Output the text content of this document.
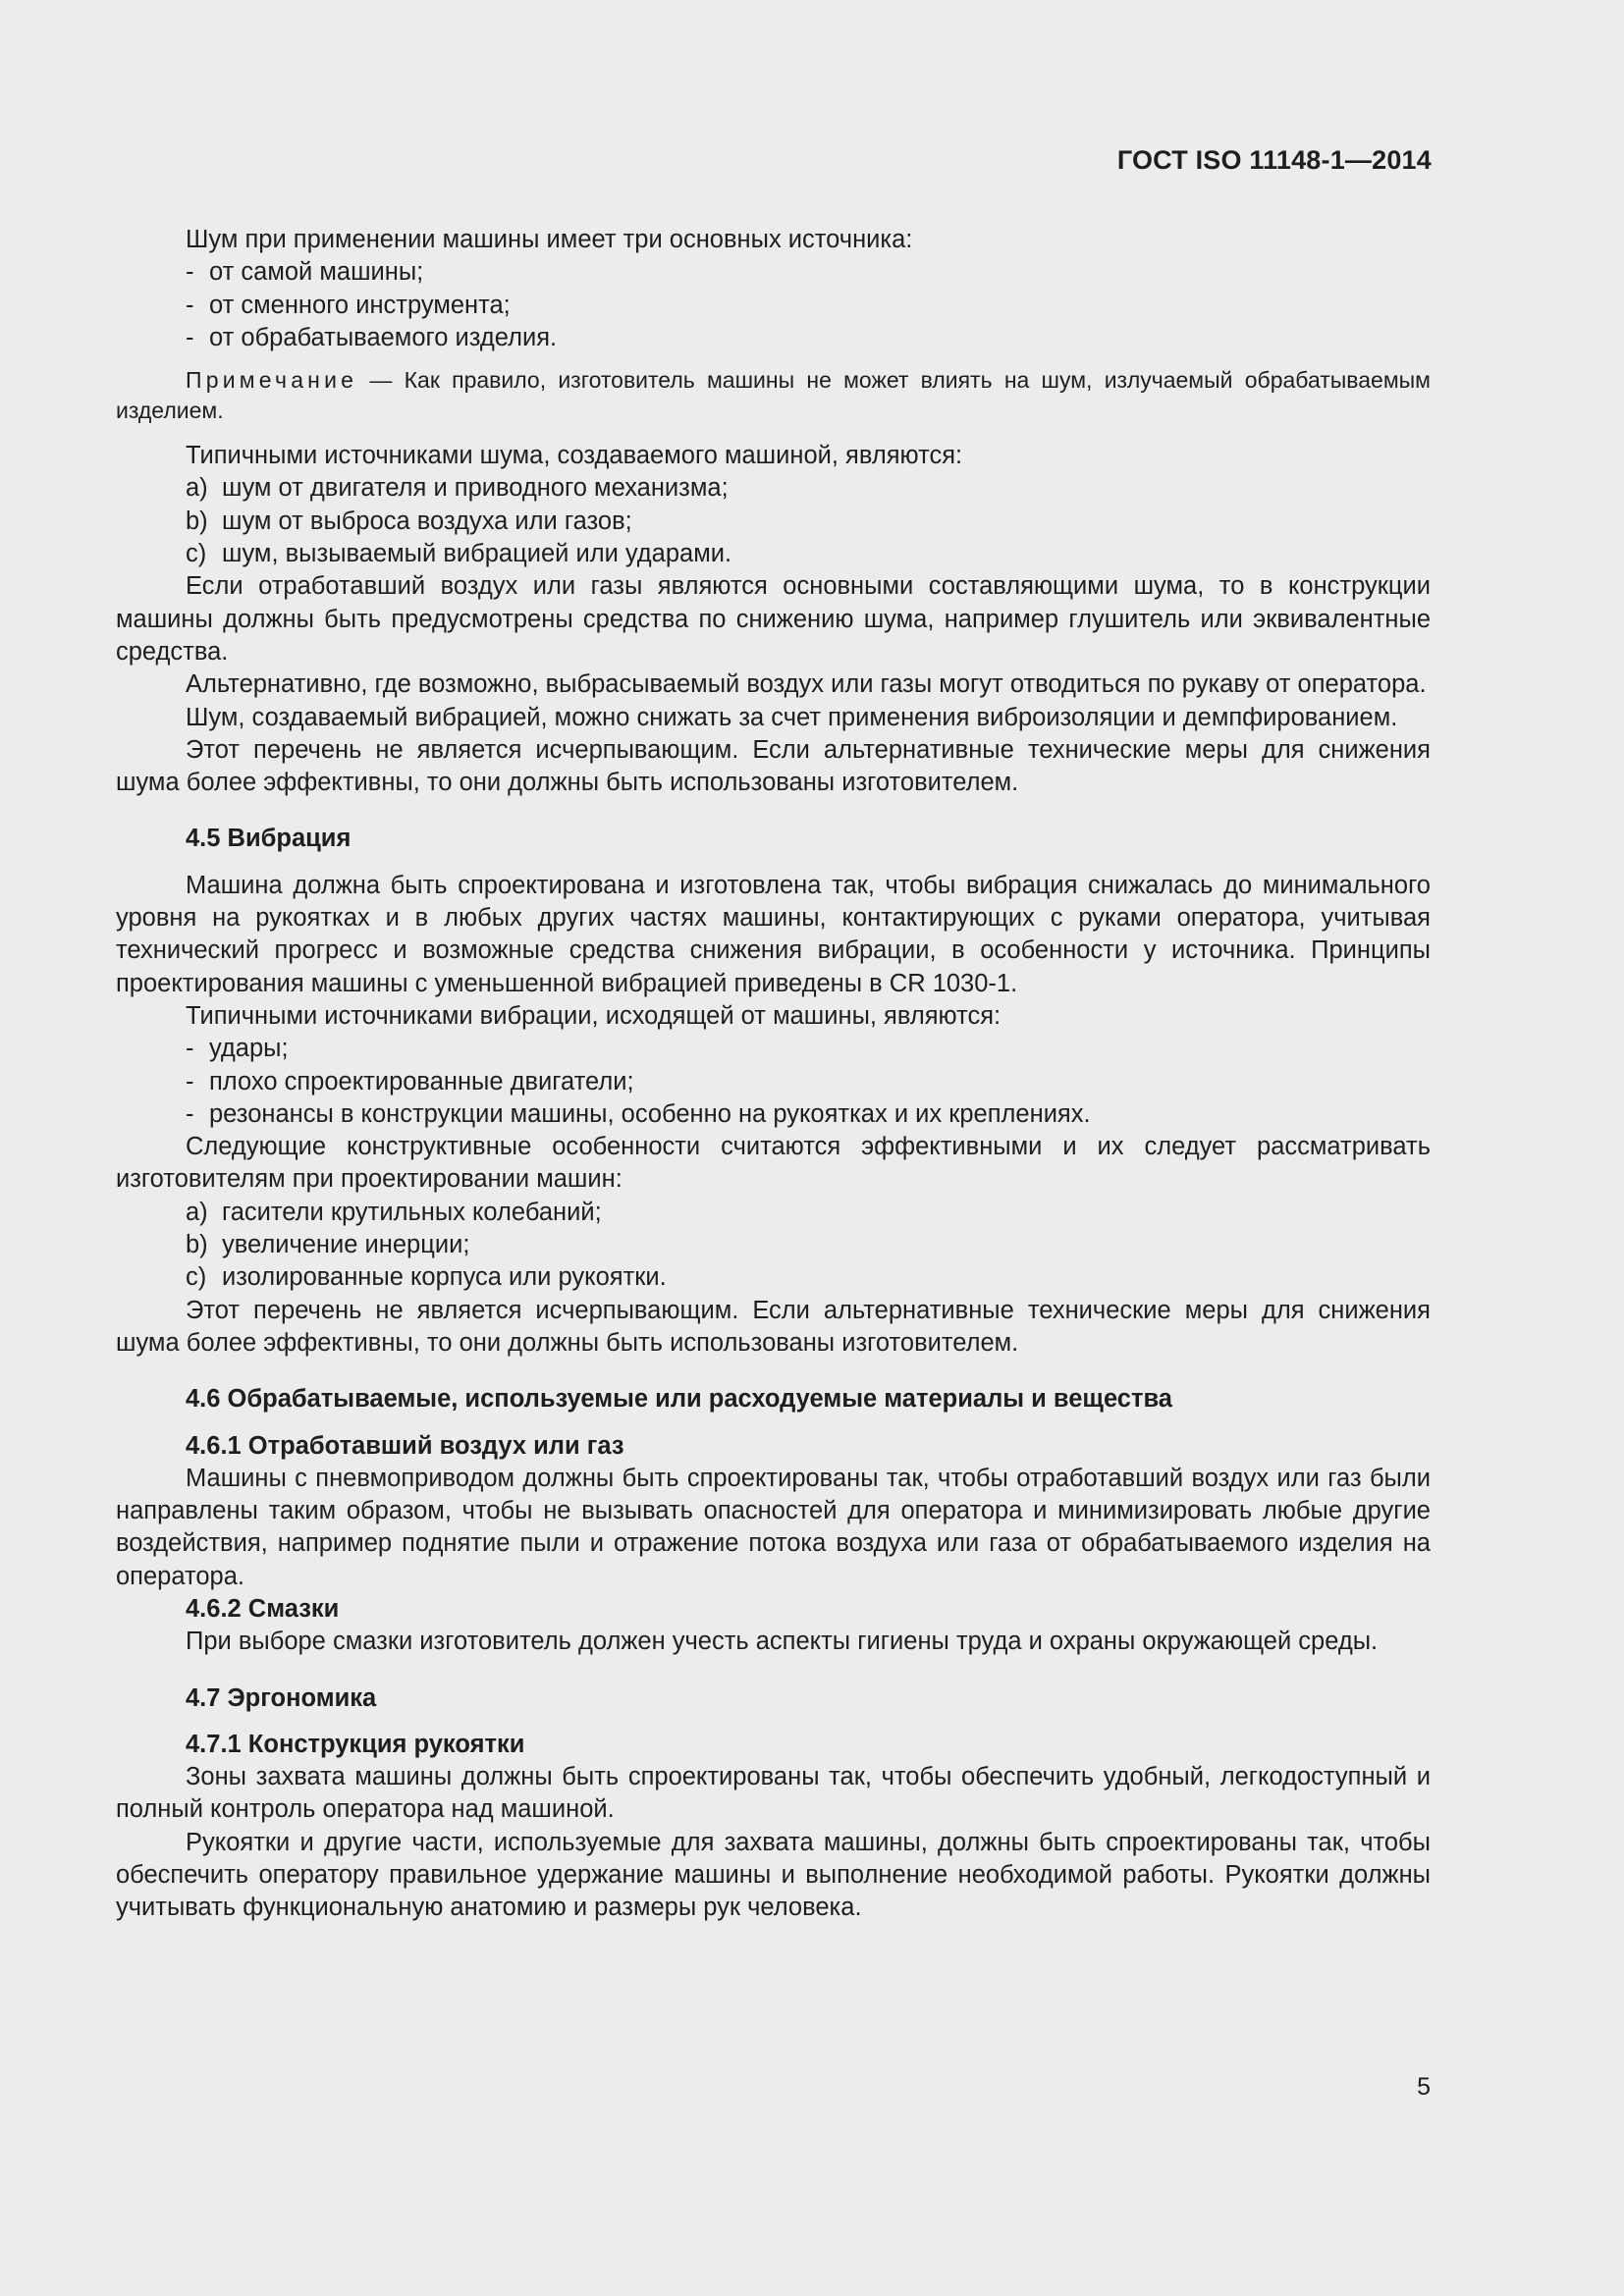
ГОСТ ISO 11148-1—2014

Шум при применении машины имеет три основных источника:

- от самой машины;

- от сменного инструмента;

- от обрабатываемого изделия.

Примечание — Как правило, изготовитель машины не может влиять на шум, излучаемый обрабатываемым изделием.

Типичными источниками шума, создаваемого машиной, являются:

a) шум от двигателя и приводного механизма;

b) шум от выброса воздуха или газов;

c) шум, вызываемый вибрацией или ударами.

Если отработавший воздух или газы являются основными составляющими шума, то в конструкции машины должны быть предусмотрены средства по снижению шума, например глушитель или эквивалентные средства.

Альтернативно, где возможно, выбрасываемый воздух или газы могут отводиться по рукаву от оператора.

Шум, создаваемый вибрацией, можно снижать за счет применения виброизоляции и демпфированием.

Этот перечень не является исчерпывающим. Если альтернативные технические меры для снижения шума более эффективны, то они должны быть использованы изготовителем.

4.5 Вибрация

Машина должна быть спроектирована и изготовлена так, чтобы вибрация снижалась до минимального уровня на рукоятках и в любых других частях машины, контактирующих с руками оператора, учитывая технический прогресс и возможные средства снижения вибрации, в особенности у источника. Принципы проектирования машины с уменьшенной вибрацией приведены в CR 1030-1.

Типичными источниками вибрации, исходящей от машины, являются:

- удары;

- плохо спроектированные двигатели;

- резонансы в конструкции машины, особенно на рукоятках и их креплениях.

Следующие конструктивные особенности считаются эффективными и их следует рассматривать изготовителям при проектировании машин:

a) гасители крутильных колебаний;

b) увеличение инерции;

c) изолированные корпуса или рукоятки.

Этот перечень не является исчерпывающим. Если альтернативные технические меры для снижения шума более эффективны, то они должны быть использованы изготовителем.

4.6 Обрабатываемые, используемые или расходуемые материалы и вещества

4.6.1 Отработавший воздух или газ

Машины с пневмоприводом должны быть спроектированы так, чтобы отработавший воздух или газ были направлены таким образом, чтобы не вызывать опасностей для оператора и минимизировать любые другие воздействия, например поднятие пыли и отражение потока воздуха или газа от обрабатываемого изделия на оператора.

4.6.2 Смазки

При выборе смазки изготовитель должен учесть аспекты гигиены труда и охраны окружающей среды.

4.7 Эргономика

4.7.1 Конструкция рукоятки

Зоны захвата машины должны быть спроектированы так, чтобы обеспечить удобный, легкодоступный и полный контроль оператора над машиной.

Рукоятки и другие части, используемые для захвата машины, должны быть спроектированы так, чтобы обеспечить оператору правильное удержание машины и выполнение необходимой работы. Рукоятки должны учитывать функциональную анатомию и размеры рук человека.

5
